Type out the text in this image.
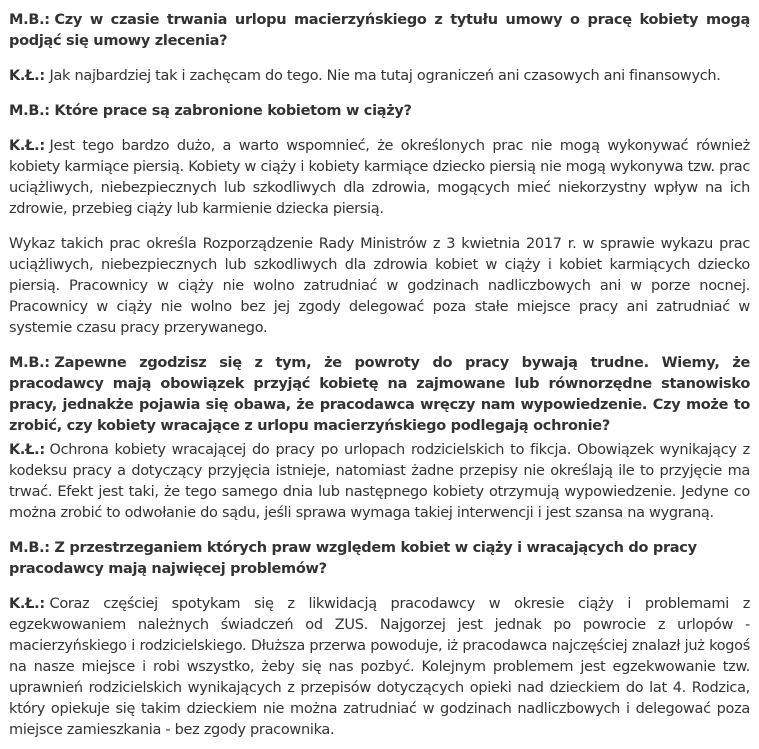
M.B.: Czy w czasie trwania urlopu macierzyńskiego z tytułu umowy o pracę kobiety mogą podjąć się umowy zlecenia?

K.Ł.: Jak najbardziej tak i zachęcam do tego. Nie ma tutaj ograniczeń ani czasowych ani finansowych.

M.B.: Które prace są zabronione kobietom w ciąży?

K.Ł.: Jest tego bardzo dużo, a warto wspomnieć, że określonych prac nie mogą wykonywać również kobiety karmiące piersią. Kobiety w ciąży i kobiety karmiące dziecko piersią nie mogą wykonywa tzw. prac uciążliwych, niebezpiecznych lub szkodliwych dla zdrowia, mogących mieć niekorzystny wpływ na ich zdrowie, przebieg ciąży lub karmienie dziecka piersią.

Wykaz takich prac określa Rozporządzenie Rady Ministrów z 3 kwietnia 2017 r. w sprawie wykazu prac uciążliwych, niebezpiecznych lub szkodliwych dla zdrowia kobiet w ciąży i kobiet karmiących dziecko piersią. Pracownicy w ciąży nie wolno zatrudniać w godzinach nadliczbowych ani w porze nocnej. Pracownicy w ciąży nie wolno bez jej zgody delegować poza stałe miejsce pracy ani zatrudniać w systemie czasu pracy przerywanego.

M.B.: Zapewne zgodzisz się z tym, że powroty do pracy bywają trudne. Wiemy, że pracodawcy mają obowiązek przyjąć kobietę na zajmowane lub równorzędne stanowisko pracy, jednakże pojawia się obawa, że pracodawca wręczy nam wypowiedzenie. Czy może to zrobić, czy kobiety wracające z urlopu macierzyńskiego podlegają ochronie?

K.Ł.: Ochrona kobiety wracającej do pracy po urlopach rodzicielskich to fikcja. Obowiązek wynikający z kodeksu pracy a dotyczący przyjęcia istnieje, natomiast żadne przepisy nie określają ile to przyjęcie ma trwać. Efekt jest taki, że tego samego dnia lub następnego kobiety otrzymują wypowiedzenie. Jedyne co można zrobić to odwołanie do sądu, jeśli sprawa wymaga takiej interwencji i jest szansa na wygraną.

M.B.: Z przestrzeganiem których praw względem kobiet w ciąży i wracających do pracy pracodawcy mają najwięcej problemów?

K.Ł.: Coraz częściej spotykam się z likwidacją pracodawcy w okresie ciąży i problemami z egzekwowaniem należnych świadczeń od ZUS. Najgorzej jest jednak po powrocie z urlopów - macierzyńskiego i rodzicielskiego. Dłuższa przerwa powoduje, iż pracodawca najczęściej znalazł już kogoś na nasze miejsce i robi wszystko, żeby się nas pozbyć. Kolejnym problemem jest egzekwowanie tzw. uprawnień rodzicielskich wynikających z przepisów dotyczących opieki nad dzieckiem do lat 4. Rodzica, który opiekuje się takim dzieckiem nie można zatrudniać w godzinach nadliczbowych i delegować poza miejsce zamieszkania - bez zgody pracownika.
